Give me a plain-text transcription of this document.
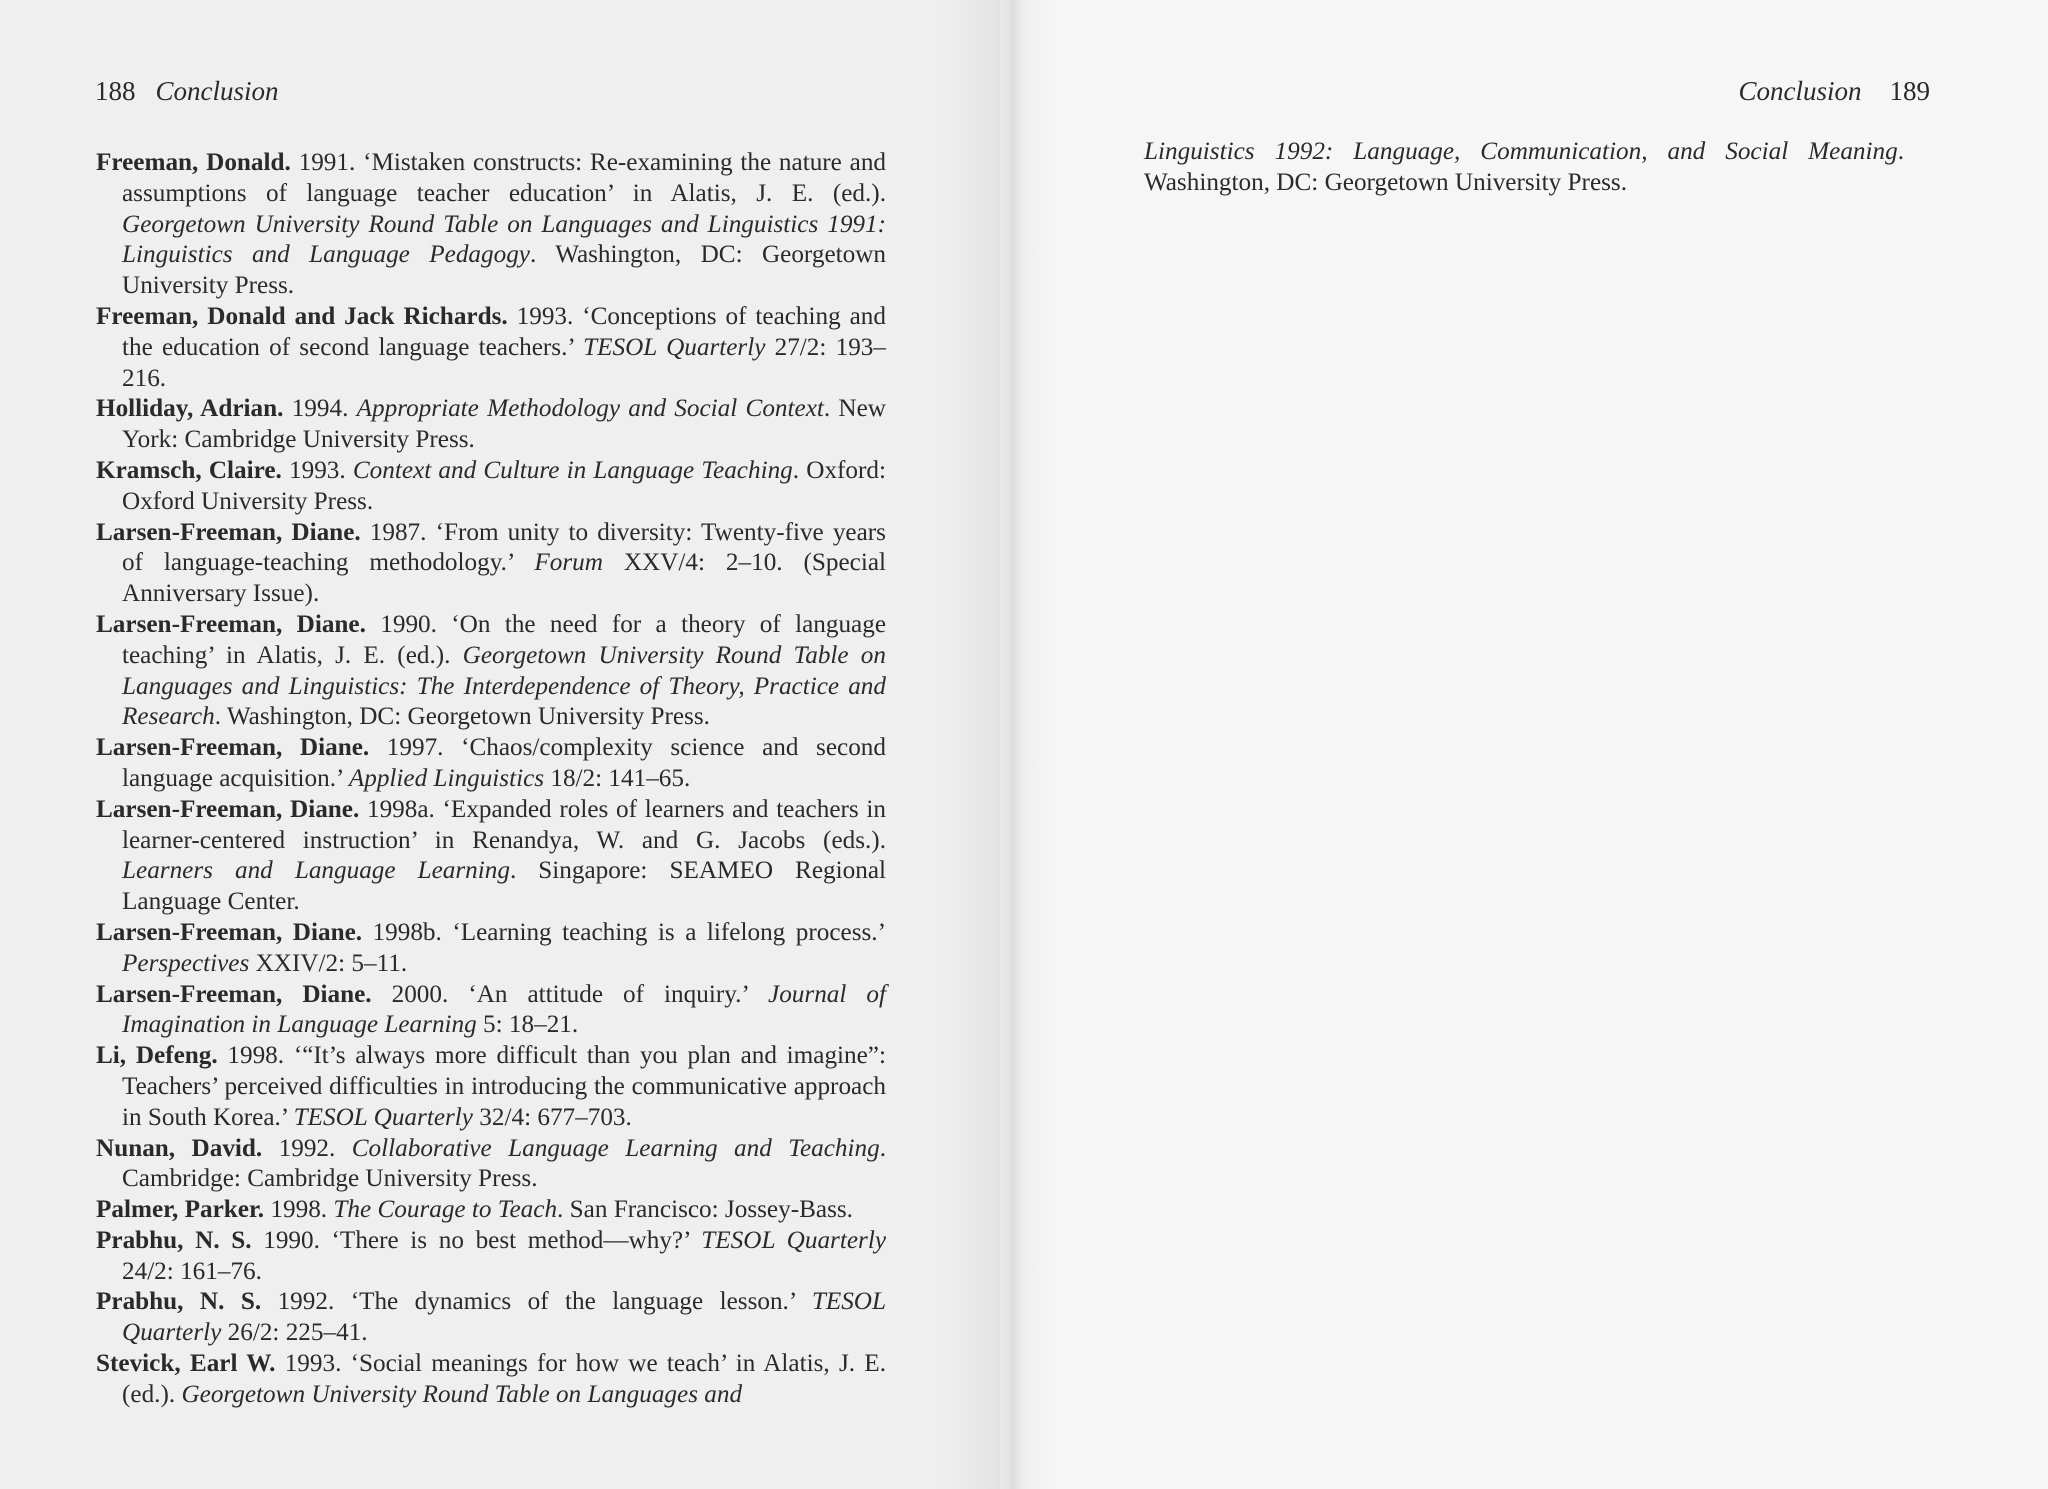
188 Conclusion

Freeman, Donald. 1991. ‘Mistaken constructs: Re-examining the nature and assumptions of language teacher education’ in Alatis, J. E. (ed.). Georgetown University Round Table on Languages and Linguistics 1991: Linguistics and Language Pedagogy. Washington, DC: Georgetown University Press.

Freeman, Donald and Jack Richards. 1993. ‘Conceptions of teaching and the education of second language teachers.’ TESOL Quarterly 27/2: 193–216.

Holliday, Adrian. 1994. Appropriate Methodology and Social Context. New York: Cambridge University Press.

Kramsch, Claire. 1993. Context and Culture in Language Teaching. Oxford: Oxford University Press.

Larsen-Freeman, Diane. 1987. ‘From unity to diversity: Twenty-five years of language-teaching methodology.’ Forum XXV/4: 2–10. (Special Anniversary Issue).

Larsen-Freeman, Diane. 1990. ‘On the need for a theory of language teaching’ in Alatis, J. E. (ed.). Georgetown University Round Table on Languages and Linguistics: The Interdependence of Theory, Practice and Research. Washington, DC: Georgetown University Press.

Larsen-Freeman, Diane. 1997. ‘Chaos/complexity science and second language acquisition.’ Applied Linguistics 18/2: 141–65.

Larsen-Freeman, Diane. 1998a. ‘Expanded roles of learners and teachers in learner-centered instruction’ in Renandya, W. and G. Jacobs (eds.). Learners and Language Learning. Singapore: SEAMEO Regional Language Center.

Larsen-Freeman, Diane. 1998b. ‘Learning teaching is a lifelong process.’ Perspectives XXIV/2: 5–11.

Larsen-Freeman, Diane. 2000. ‘An attitude of inquiry.’ Journal of Imagination in Language Learning 5: 18–21.

Li, Defeng. 1998. ‘“It’s always more difficult than you plan and imagine”: Teachers’ perceived difficulties in introducing the communicative approach in South Korea.’ TESOL Quarterly 32/4: 677–703.

Nunan, David. 1992. Collaborative Language Learning and Teaching. Cambridge: Cambridge University Press.

Palmer, Parker. 1998. The Courage to Teach. San Francisco: Jossey-Bass.

Prabhu, N. S. 1990. ‘There is no best method—why?’ TESOL Quarterly 24/2: 161–76.

Prabhu, N. S. 1992. ‘The dynamics of the language lesson.’ TESOL Quarterly 26/2: 225–41.

Stevick, Earl W. 1993. ‘Social meanings for how we teach’ in Alatis, J. E. (ed.). Georgetown University Round Table on Languages and

Conclusion 189

Linguistics 1992: Language, Communication, and Social Meaning. Washington, DC: Georgetown University Press.
